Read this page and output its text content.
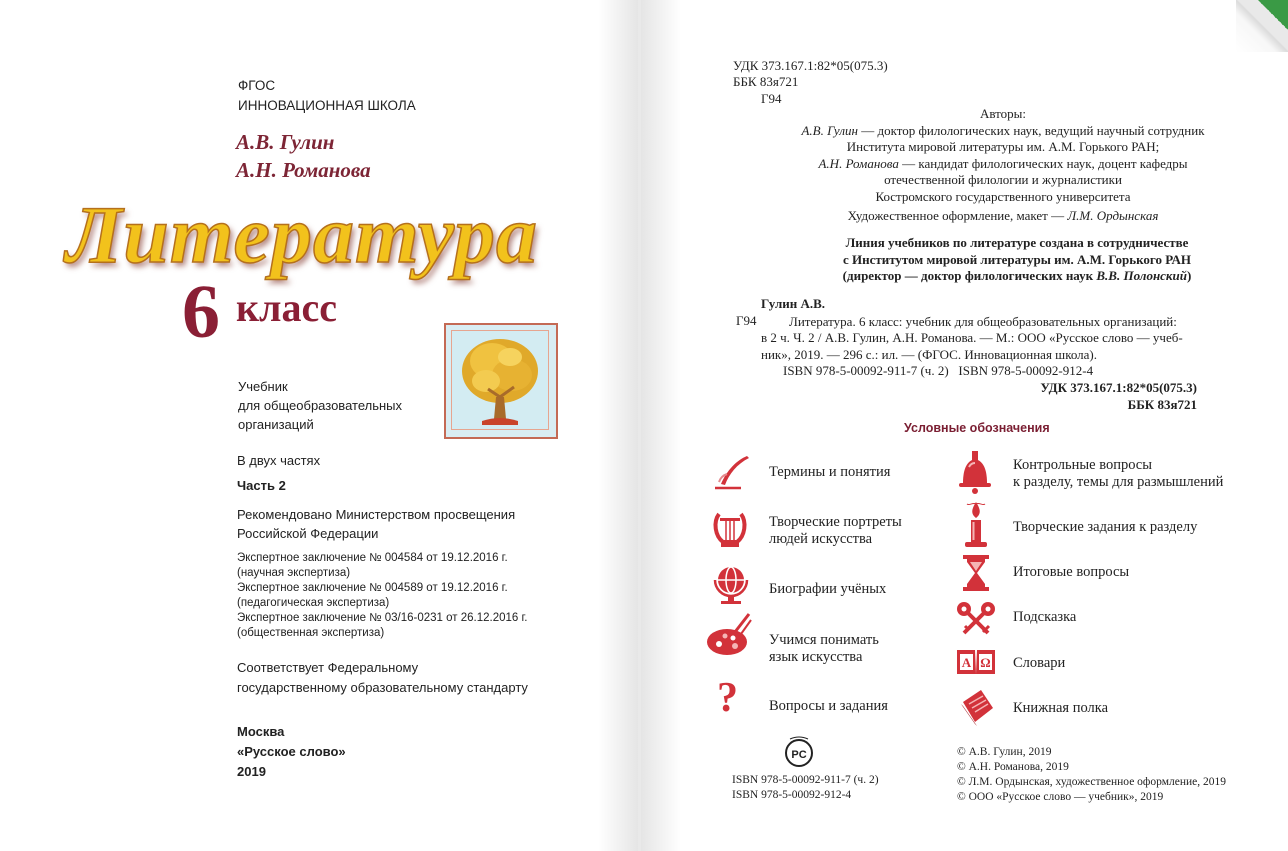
ФГОС
ИННОВАЦИОННАЯ ШКОЛА
А.В. Гулин
А.Н. Романова
Литература
6 класс
Учебник
для общеобразовательных
организаций
В двух частях
Часть 2
Рекомендовано Министерством просвещения
Российской Федерации
Экспертное заключение № 004584 от 19.12.2016 г.
(научная экспертиза)
Экспертное заключение № 004589 от 19.12.2016 г.
(педагогическая экспертиза)
Экспертное заключение № 03/16-0231 от 26.12.2016 г.
(общественная экспертиза)
Соответствует Федеральному
государственному образовательному стандарту
Москва
«Русское слово»
2019
УДК 373.167.1:82*05(075.3)
ББК 83я721
Г94
Авторы:
А.В. Гулин — доктор филологических наук, ведущий научный сотрудник
Института мировой литературы им. А.М. Горького РАН;
А.Н. Романова — кандидат филологических наук, доцент кафедры
отечественной филологии и журналистики
Костромского государственного университета
Художественное оформление, макет — Л.М. Ордынская
Линия учебников по литературе создана в сотрудничестве
с Институтом мировой литературы им. А.М. Горького РАН
(директор — доктор филологических наук В.В. Полонский)
Гулин А.В.
Г94	Литература. 6 класс: учебник для общеобразовательных организаций:
в 2 ч. Ч. 2 / А.В. Гулин, А.Н. Романова. — М.: ООО «Русское слово — учеб-
ник», 2019. — 296 с.: ил. — (ФГОС. Инновационная школа).
ISBN 978-5-00092-911-7 (ч. 2)   ISBN 978-5-00092-912-4
УДК 373.167.1:82*05(075.3)
ББК 83я721
Условные обозначения
Термины и понятия
Творческие портреты
людей искусства
Биографии учёных
Учимся понимать
язык искусства
? Вопросы и задания
Контрольные вопросы
к разделу, темы для размышлений
Творческие задания к разделу
Итоговые вопросы
Подсказка
A Ω Словари
Книжная полка
PC
ISBN 978-5-00092-911-7 (ч. 2)
ISBN 978-5-00092-912-4
© А.В. Гулин, 2019
© А.Н. Романова, 2019
© Л.М. Ордынская, художественное оформление, 2019
© ООО «Русское слово — учебник», 2019
